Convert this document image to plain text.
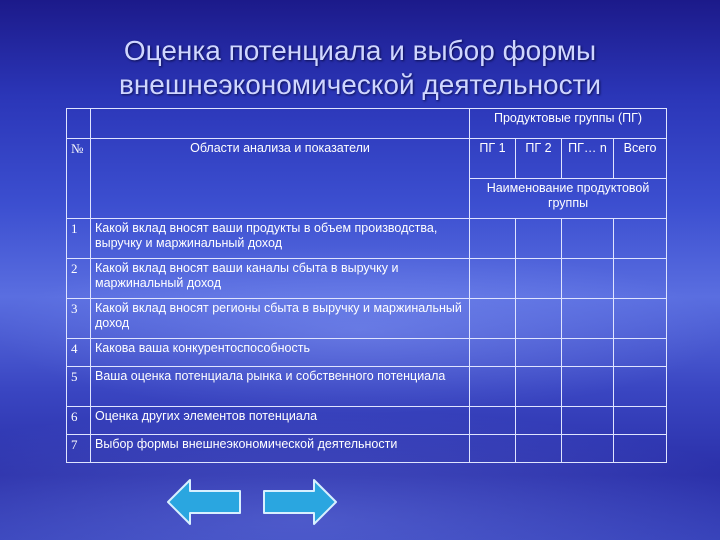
Оценка потенциала и выбор формы
внешнеэкономической деятельности
		Продуктовые группы (ПГ)			
№	Области анализа и показатели	ПГ 1	ПГ 2	ПГ… n	Всего
		Наименование продуктовой группы			
1	Какой вклад вносят ваши продукты в объем производства, выручку и маржинальный доход				
2	Какой вклад вносят ваши каналы сбыта в выручку и маржинальный доход				
3	Какой вклад вносят регионы сбыта в выручку и маржинальный доход				
4	Какова ваша конкурентоспособность				
5	Ваша оценка потенциала рынка и собственного потенциала				
6	Оценка других элементов потенциала				
7	Выбор формы внешнеэкономической деятельности				
